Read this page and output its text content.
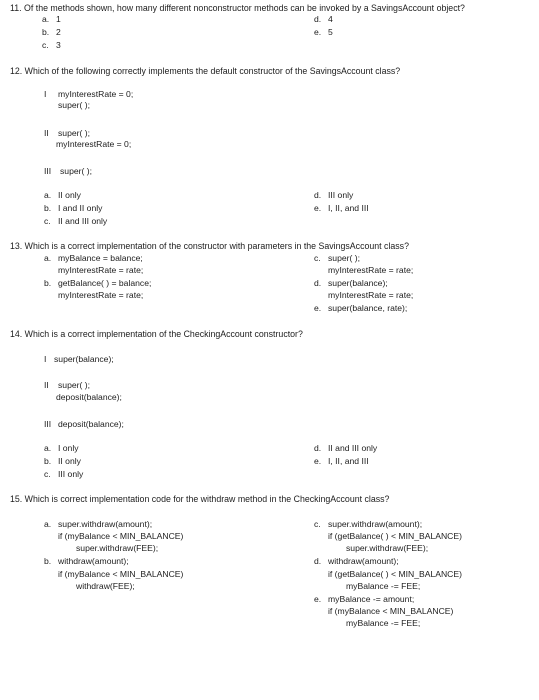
11. Of the methods shown, how many different nonconstructor methods can be invoked by a SavingsAccount object?
a. 1
b. 2
c. 3
d. 4
e. 5
12. Which of the following correctly implements the default constructor of the SavingsAccount class?
I myInterestRate = 0;
super( );
II super( );
myInterestRate = 0;
III super( );
a. II only
b. I and II only
c. II and III only
d. III only
e. I, II, and III
13. Which is a correct implementation of the constructor with parameters in the SavingsAccount class?
a. myBalance = balance;
myInterestRate = rate;
b. getBalance( ) = balance;
myInterestRate = rate;
c. super( );
myInterestRate = rate;
d. super(balance);
myInterestRate = rate;
e. super(balance, rate);
14. Which is a correct implementation of the CheckingAccount constructor?
I super(balance);
II super( );
deposit(balance);
III deposit(balance);
a. I only
b. II only
c. III only
d. II and III only
e. I, II, and III
15. Which is correct implementation code for the withdraw method in the CheckingAccount class?
a. super.withdraw(amount);
if (myBalance < MIN_BALANCE)
super.withdraw(FEE);
b. withdraw(amount);
if (myBalance < MIN_BALANCE)
withdraw(FEE);
c. super.withdraw(amount);
if (getBalance( ) < MIN_BALANCE)
super.withdraw(FEE);
d. withdraw(amount);
if (getBalance( ) < MIN_BALANCE)
myBalance -= FEE;
e. myBalance -= amount;
if (myBalance < MIN_BALANCE)
myBalance -= FEE;
